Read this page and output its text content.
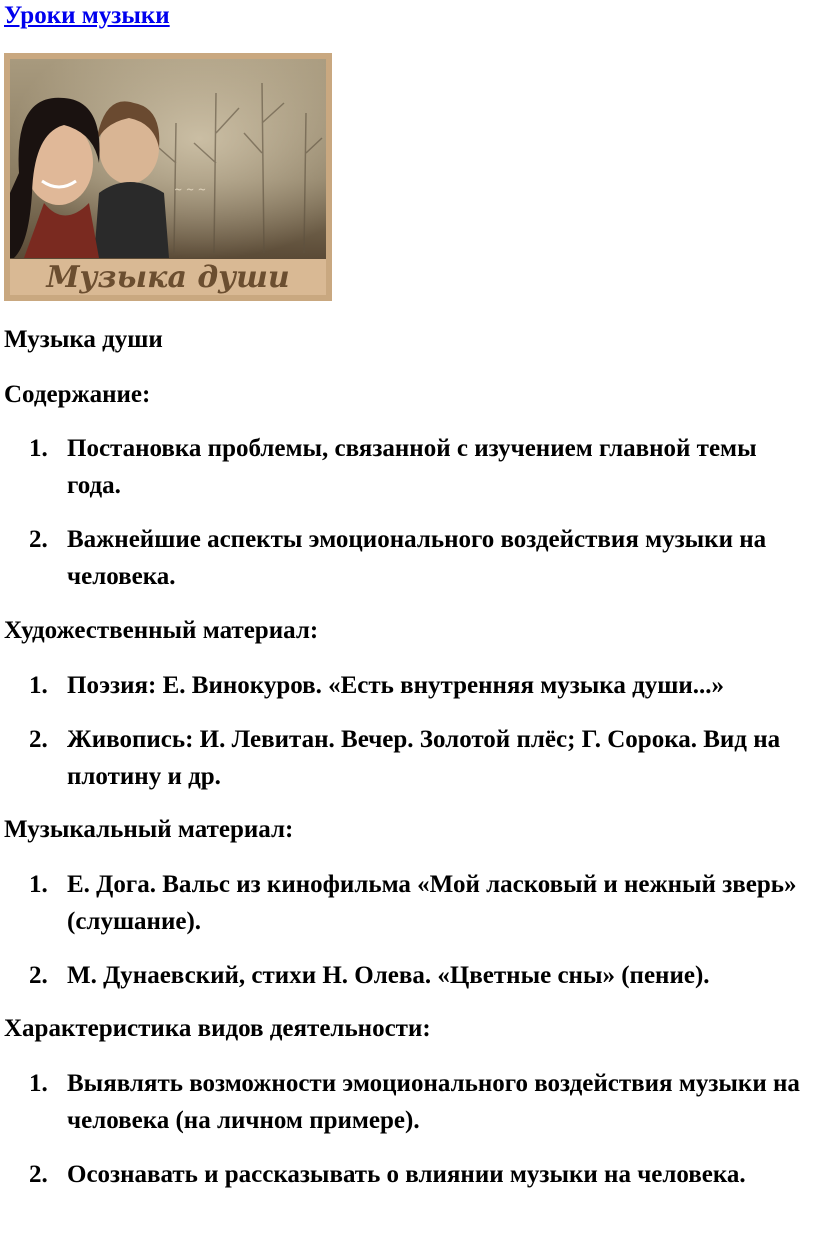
Уроки музыки
~ ~ ~
Музыка души
Музыка души
Содержание:
1. Постановка проблемы, связанной с изучением главной темы года.
2. Важнейшие аспекты эмоционального воздействия музыки на человека.
Художественный материал:
1. Поэзия: Е. Винокуров. «Есть внутренняя музыка души...»
2. Живопись: И. Левитан. Вечер. Золотой плёс; Г. Сорока. Вид на плотину и др.
Музыкальный материал:
1. Е. Дога. Вальс из кинофильма «Мой ласковый и нежный зверь» (слушание).
2. М. Дунаевский, стихи Н. Олева. «Цветные сны» (пение).
Характеристика видов деятельности:
1. Выявлять возможности эмоционального воздействия музыки на человека (на личном примере).
2. Осознавать и рассказывать о влиянии музыки на человека.
